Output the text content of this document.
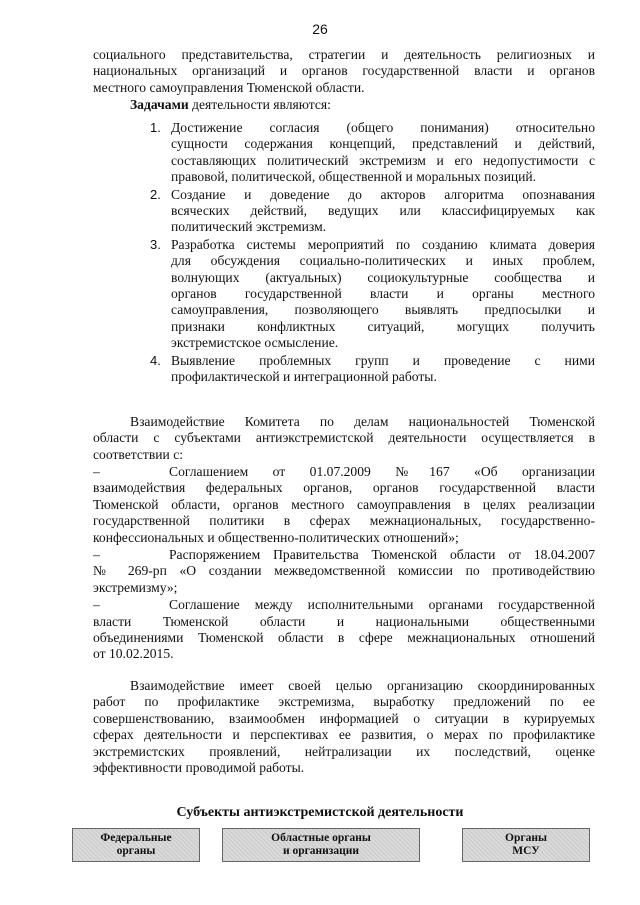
26

социального представительства, стратегии и деятельность религиозных и

национальных организаций и органов государственной власти и органов

местного самоуправления Тюменской области.

Задачами деятельности являются:

1. Достижение согласия (общего понимания) относительно

сущности содержания концепций, представлений и действий,

составляющих политический экстремизм и его недопустимости с

правовой, политической, общественной и моральных позиций.

2. Создание и доведение до акторов алгоритма опознавания

всяческих действий, ведущих или классифицируемых как

политический экстремизм.

3. Разработка системы мероприятий по созданию климата доверия

для обсуждения социально-политических и иных проблем,

волнующих (актуальных) социокультурные сообщества и

органов государственной власти и органы местного

самоуправления, позволяющего выявлять предпосылки и

признаки конфликтных ситуаций, могущих получить

экстремистское осмысление.

4. Выявление проблемных групп и проведение с ними

профилактической и интеграционной работы.

Взаимодействие Комитета по делам национальностей Тюменской

области с субъектами антиэкстремистской деятельности осуществляется в

соответствии с:

–	Соглашением от 01.07.2009 №167 «Об организации

взаимодействия федеральных органов, органов государственной власти

Тюменской области, органов местного самоуправления в целях реализации

государственной политики в сферах межнациональных, государственно-

конфессиональных и общественно-политических отношений»;

–	Распоряжением Правительства Тюменской области от 18.04.2007

№ 269-рп «О создании межведомственной комиссии по противодействию

экстремизму»;

–	Соглашение между исполнительными органами государственной

власти Тюменской области и национальными общественными

объединениями Тюменской области в сфере межнациональных отношений

от 10.02.2015.

Взаимодействие имеет своей целью организацию скоординированных

работ по профилактике экстремизма, выработку предложений по ее

совершенствованию, взаимообмен информацией о ситуации в курируемых

сферах деятельности и перспективах ее развития, о мерах по профилактике

экстремистских проявлений, нейтрализации их последствий, оценке

эффективности проводимой работы.

Субъекты антиэкстремистской деятельности
Федеральные
органы
Областные органы
и организации
Органы
МСУ
